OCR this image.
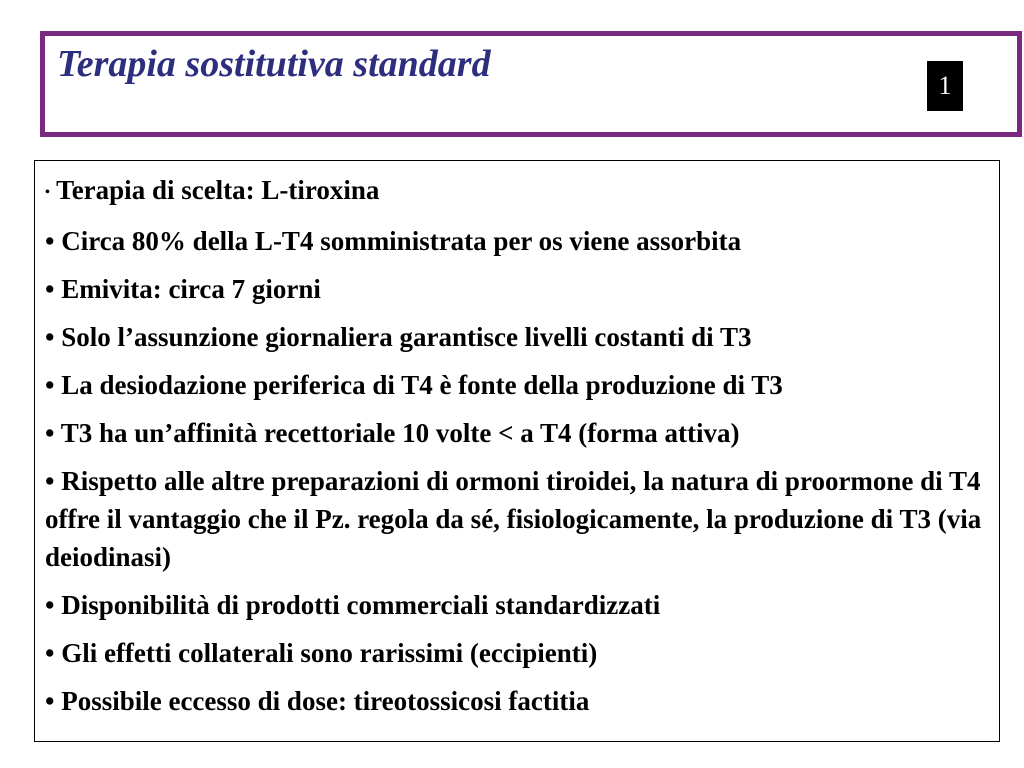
Terapia sostitutiva standard
1
• Terapia di scelta: L-tiroxina
• Circa 80% della L-T4 somministrata per os viene assorbita
• Emivita: circa 7 giorni
• Solo l’assunzione giornaliera garantisce livelli costanti di T3
• La desiodazione periferica di T4 è fonte della produzione di T3
• T3 ha un’affinità recettoriale 10 volte < a T4 (forma attiva)
• Rispetto alle altre preparazioni di ormoni tiroidei, la natura di proormone di T4 offre il vantaggio che il Pz. regola da sé, fisiologicamente, la produzione di T3 (via deiodinasi)
• Disponibilità di prodotti commerciali standardizzati
• Gli effetti collaterali sono rarissimi (eccipienti)
• Possibile eccesso di dose: tireotossicosi factitia
